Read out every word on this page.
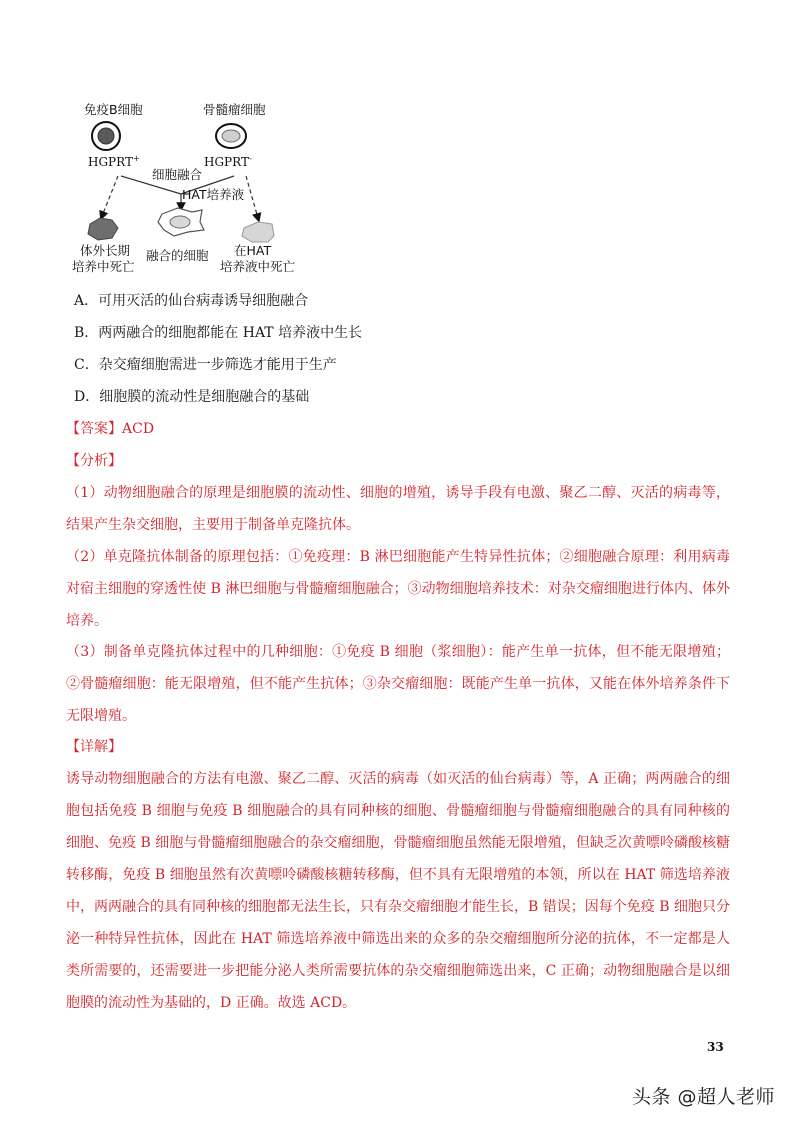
免疫B细胞	骨髓瘤细胞
HGPRT+	HGPRT-
细胞融合
HAT培养液
体外长期
培养中死亡
融合的细胞 在HAT
培养液中死亡
A．可用灭活的仙台病毒诱导细胞融合
B．两两融合的细胞都能在 HAT 培养液中生长
C．杂交瘤细胞需进一步筛选才能用于生产
D．细胞膜的流动性是细胞融合的基础
【答案】ACD
【分析】
（1）动物细胞融合的原理是细胞膜的流动性、细胞的增殖，诱导手段有电激、聚乙二醇、灭活的病毒等，结果产生杂交细胞，主要用于制备单克隆抗体。
（2）单克隆抗体制备的原理包括：①免疫理：B 淋巴细胞能产生特异性抗体；②细胞融合原理：利用病毒对宿主细胞的穿透性使 B 淋巴细胞与骨髓瘤细胞融合；③动物细胞培养技术：对杂交瘤细胞进行体内、体外培养。
（3）制备单克隆抗体过程中的几种细胞：①免疫 B 细胞（浆细胞）：能产生单一抗体，但不能无限增殖；②骨髓瘤细胞：能无限增殖，但不能产生抗体；③杂交瘤细胞：既能产生单一抗体，又能在体外培养条件下无限增殖。
【详解】
诱导动物细胞融合的方法有电激、聚乙二醇、灭活的病毒（如灭活的仙台病毒）等，A 正确；两两融合的细胞包括免疫 B 细胞与免疫 B 细胞融合的具有同种核的细胞、骨髓瘤细胞与骨髓瘤细胞融合的具有同种核的细胞、免疫 B 细胞与骨髓瘤细胞融合的杂交瘤细胞，骨髓瘤细胞虽然能无限增殖，但缺乏次黄嘌呤磷酸核糖转移酶，免疫 B 细胞虽然有次黄嘌呤磷酸核糖转移酶，但不具有无限增殖的本领，所以在 HAT 筛选培养液中，两两融合的具有同种核的细胞都无法生长，只有杂交瘤细胞才能生长，B 错误；因每个免疫 B 细胞只分泌一种特异性抗体，因此在 HAT 筛选培养液中筛选出来的众多的杂交瘤细胞所分泌的抗体，不一定都是人类所需要的，还需要进一步把能分泌人类所需要抗体的杂交瘤细胞筛选出来，C 正确；动物细胞融合是以细胞膜的流动性为基础的，D 正确。故选 ACD。
33
头条 @超人老师
